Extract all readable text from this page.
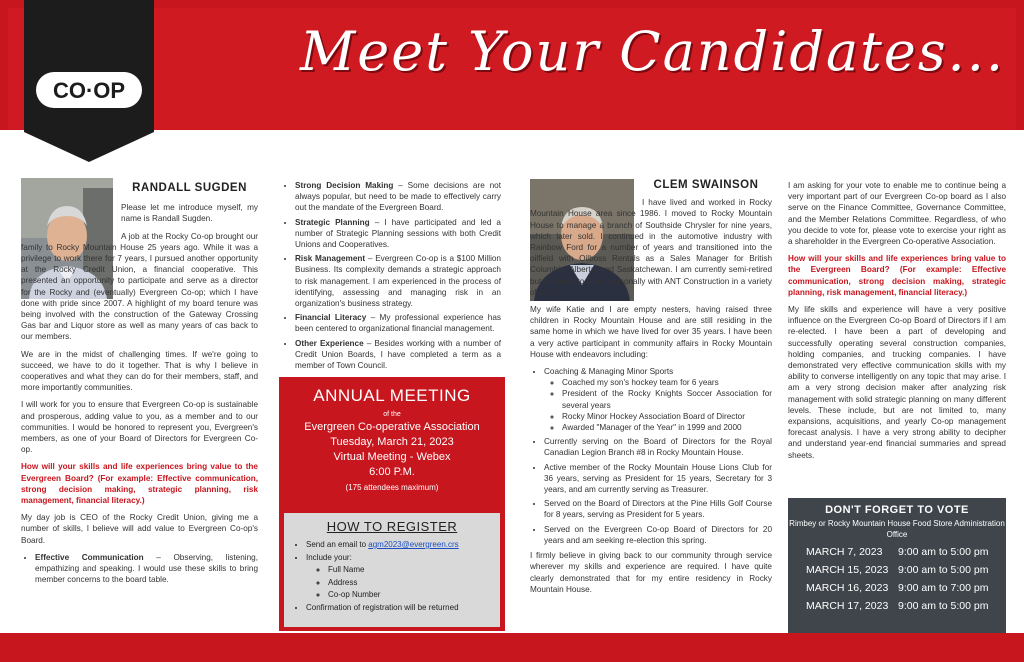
Meet Your Candidates...
CO·OP
RANDALL SUGDEN

Please let me introduce myself, my name is Randall Sugden.

A job at the Rocky Co-op brought our family to Rocky Mountain House 25 years ago. While it was a privilege to work there for 7 years, I pursued another opportunity at the Rocky Credit Union, a financial cooperative. This presented an opportunity to participate and serve as a director for the Rocky and (eventually) Evergreen Co-op; which I have done with pride since 2007. A highlight of my board tenure was being involved with the construction of the Gateway Crossing Gas bar and Liquor store as well as many years of cas back to our members.

We are in the midst of challenging times. If we're going to succeed, we have to do it together. That is why I believe in cooperatives and what they can do for their members, staff, and more importantly communities.

I will work for you to ensure that Evergreen Co-op is sustainable and prosperous, adding value to you, as a member and to our communities. I would be honored to represent you, Evergreen's members, as one of your Board of Directors for Evergreen Co-op.

How will your skills and life experiences bring value to the Evergreen Board? (For example: Effective communication, strong decision making, strategic planning, risk management, financial literacy.)

My day job is CEO of the Rocky Credit Union, giving me a number of skills, I believe will add value to Evergreen Co-op's Board.

• Effective Communication – Observing, listening, empathizing and speaking. I would use these skills to bring member concerns to the board table.
• Strong Decision Making – Some decisions are not always popular, but need to be made to effectively carry out the mandate of the Evergreen Board.
• Strategic Planning – I have participated and led a number of Strategic Planning sessions with both Credit Unions and Cooperatives.
• Risk Management – Evergreen Co-op is a $100 Million Business. Its complexity demands a strategic approach to risk management. I am experienced in the process of identifying, assessing and managing risk in an organization's business strategy.
• Financial Literacy – My professional experience has been centered to organizational financial management.
• Other Experience – Besides working with a number of Credit Union Boards, I have completed a term as a member of Town Council.
ANNUAL MEETING
of the
Evergreen Co-operative Association
Tuesday, March 21, 2023
Virtual Meeting - Webex
6:00 P.M.
(175 attendees maximum)
HOW TO REGISTER
• Send an email to agm2023@evergreen.crs
• Include your:
◦ Full Name
◦ Address
◦ Co-op Number
• Confirmation of registration will be returned
CLEM SWAINSON

I have lived and worked in Rocky Mountain House area since 1986. I moved to Rocky Mountain House to manage a branch of Southside Chrysler for nine years, which later sold. I continued in the automotive industry with Rainbow Ford for a number of years and transitioned into the oilfield with Oilboss Rentals as a Sales Manager for British Columbia, Alberta, and Saskatchewan. I am currently semi-retired but continue to work seasonally with ANT Construction in a variety of roles.

My wife Katie and I are empty nesters, having raised three children in Rocky Mountain House and are still residing in the same home in which we have lived for over 35 years. I have been a very active participant in community affairs in Rocky Mountain House with endeavors including:

• Coaching & Managing Minor Sports
◦ Coached my son's hockey team for 6 years
◦ President of the Rocky Knights Soccer Association for several years
◦ Rocky Minor Hockey Association Board of Director
◦ Awarded "Manager of the Year" in 1999 and 2000
• Currently serving on the Board of Directors for the Royal Canadian Legion Branch #8 in Rocky Mountain House.
• Active member of the Rocky Mountain House Lions Club for 36 years, serving as President for 15 years, Secretary for 3 years, and am currently serving as Treasurer.
• Served on the Board of Directors at the Pine Hills Golf Course for 8 years, serving as President for 5 years.
• Served on the Evergreen Co-op Board of Directors for 20 years and am seeking re-election this spring.

I firmly believe in giving back to our community through service wherever my skills and experience are required. I have quite clearly demonstrated that for my entire residency in Rocky Mountain House.

I am asking for your vote to enable me to continue being a very important part of our Evergreen Co-op board as I also serve on the Finance Committee, Governance Committee, and the Member Relations Committee. Regardless, of who you decide to vote for, please vote to exercise your right as a shareholder in the Evergreen Co-operative Association.

How will your skills and life experiences bring value to the Evergreen Board? (For example: Effective communication, strong decision making, strategic planning, risk management, financial literacy.)

My life skills and experience will have a very positive influence on the Evergreen Co-op Board of Directors if I am re-elected. I have been a part of developing and successfully operating several construction companies, holding companies, and trucking companies. I have demonstrated very effective communication skills with my ability to converse intelligently on any topic that may arise. I am a very strong decision maker after analyzing risk management with solid strategic planning on many different levels. These include, but are not limited to, many expansions, acquisitions, and yearly Co-op management forecast analysis. I have a very strong ability to decipher and understand year-end financial summaries and spread sheets.

DON'T FORGET TO VOTE
Rimbey or Rocky Mountain House Food Store Administration Office
MARCH 7, 2023	9:00 am to 5:00 pm
MARCH 15, 2023 9:00 am to 5:00 pm
MARCH 16, 2023 9:00 am to 7:00 pm
MARCH 17, 2023 9:00 am to 5:00 pm
